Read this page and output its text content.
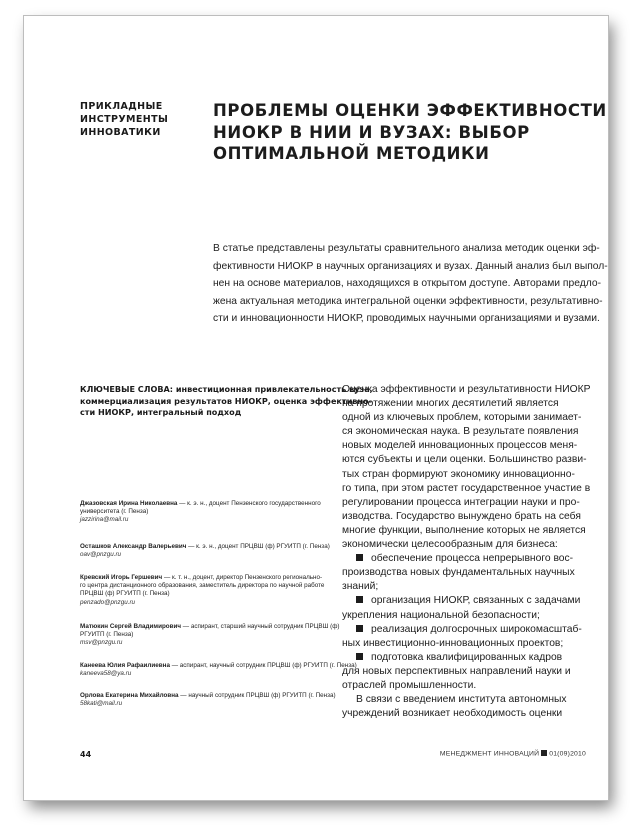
ПРИКЛАДНЫЕ
ИНСТРУМЕНТЫ
ИННОВАТИКИ
ПРОБЛЕМЫ ОЦЕНКИ ЭФФЕКТИВНОСТИ
НИОКР В НИИ И ВУЗАХ: ВЫБОР
ОПТИМАЛЬНОЙ МЕТОДИКИ
В статье представлены результаты сравнительного анализа методик оценки эф-
фективности НИОКР в научных организациях и вузах. Данный анализ был выпол-
нен на основе материалов, находящихся в открытом доступе. Авторами предло-
жена актуальная методика интегральной оценки эффективности, результативно-
сти и инновационности НИОКР, проводимых научными организациями и вузами.
КЛЮЧЕВЫЕ СЛОВА: инвестиционная привлекательность вуза,
коммерциализация результатов НИОКР, оценка эффективно-
сти НИОКР, интегральный подход
Джазовская Ирина Николаевна — к. э. н., доцент Пензенского государственного
университета (г. Пенза)
jazzirina@mail.ru
Осташков Александр Валерьевич — к. э. н., доцент ПРЦВШ (ф) РГУИТП (г. Пенза)
oav@pnzgu.ru
Кревский Игорь Гершевич — к. т. н., доцент, директор Пензенского регионально-
го центра дистанционного образования, заместитель директора по научной работе
ПРЦВШ (ф) РГУИТП (г. Пенза)
penzado@pnzgu.ru
Матюкин Сергей Владимирович — аспирант, старший научный сотрудник ПРЦВШ (ф)
РГУИТП (г. Пенза)
msv@pnzgu.ru
Канеева Юлия Рафаилиевна — аспирант, научный сотрудник ПРЦВШ (ф) РГУИТП (г. Пенза)
kaneeva58@ya.ru
Орлова Екатерина Михайловна — научный сотрудник ПРЦВШ (ф) РГУИТП (г. Пенза)
58kati@mail.ru
Оценка эффективности и результативности НИОКР
на протяжении многих десятилетий является
одной из ключевых проблем, которыми занимает-
ся экономическая наука. В результате появления
новых моделей инновационных процессов меня-
ются субъекты и цели оценки. Большинство разви-
тых стран формируют экономику инновационно-
го типа, при этом растет государственное участие в
регулировании процесса интеграции науки и про-
изводства. Государство вынуждено брать на себя
многие функции, выполнение которых не является
экономически целесообразным для бизнеса:
обеспечение процесса непрерывного вос-
производства новых фундаментальных научных
знаний;
организация НИОКР, связанных с задачами
укрепления национальной безопасности;
реализация долгосрочных широкомасштаб-
ных инвестиционно-инновационных проектов;
подготовка квалифицированных кадров
для новых перспективных направлений науки и
отраслей промышленности.
В связи с введением института автономных
учреждений возникает необходимость оценки
44	МЕНЕДЖМЕНТ ИННОВАЦИЙ 01(09)2010
